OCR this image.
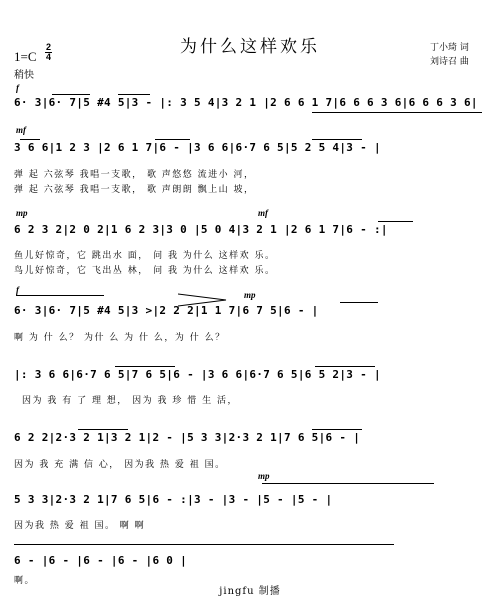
为什么这样欢乐
1=C
2
4
稍快
丁小琦 词
刘诗召 曲
f
6· 3|6· 7|5 #4 5|3 - |: 3 5 4|3 2 1 |2 6 6 1 7|6 6 6 3 6|6 6 6 3 6|
mf
3 6 6|1 2 3 |2 6 1 7|6 - |3 6 6|6·7 6 5|5 2 5 4|3 - |
弹 起 六弦琴 我唱一支歌， 歌 声悠悠 流进小 河，
弹 起 六弦琴 我唱一支歌， 歌 声朗朗 飘上山 坡，
mp	mf
6 2 3 2|2 0 2|1 6 2 3|3 0 |5 0 4|3 2 1 |2 6 1 7|6 - :|
鱼儿好惊奇，它 跳出水 面， 问 我 为什么 这样欢 乐。
鸟儿好惊奇，它 飞出丛 林， 问 我 为什么 这样欢 乐。
f	mp
6· 3|6· 7|5 #4 5|3 >|2 2 2|1 1 7|6 7 5|6 - |
啊 为 什 么？ 为什 么 为 什 么，为 什 么？
|: 3 6 6|6·7 6 5|7 6 5|6 - |3 6 6|6·7 6 5|6 5 2|3 - |
因为 我 有 了 理 想， 因为 我 珍 惜 生 活，
6 2 2|2·3 2 1|3 2 1|2 - |5 3 3|2·3 2 1|7 6 5|6 - |
因为 我 充 满 信 心， 因为我 热 爱 祖 国。
mp
5 3 3|2·3 2 1|7 6 5|6 - :|3 - |3 - |5 - |5 - |
因为我 热 爱 祖 国。 啊 啊
6 - |6 - |6 - |6 - |6 0 |
啊。
jingfu 制播
